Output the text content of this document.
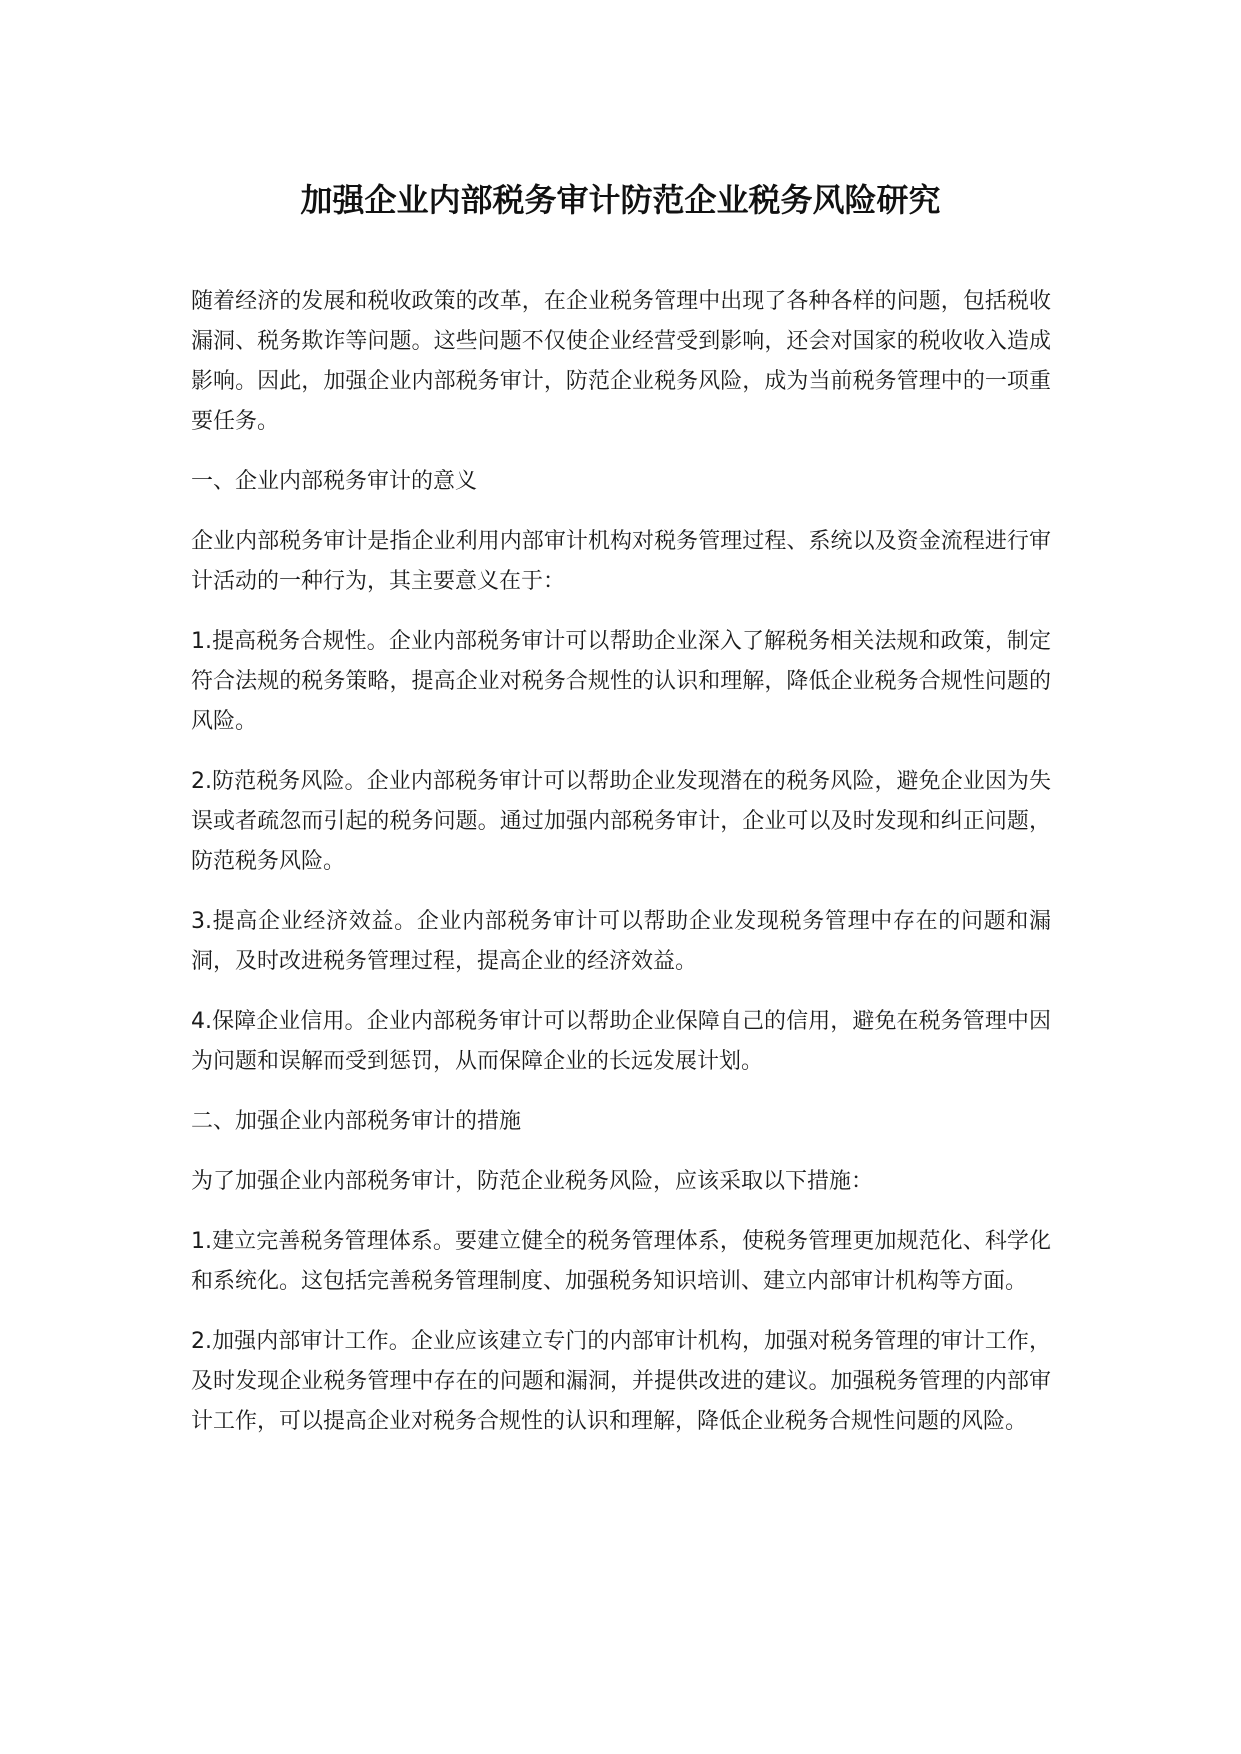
加强企业内部税务审计防范企业税务风险研究

随着经济的发展和税收政策的改革，在企业税务管理中出现了各种各样的问题，包括税收漏洞、税务欺诈等问题。这些问题不仅使企业经营受到影响，还会对国家的税收收入造成影响。因此，加强企业内部税务审计，防范企业税务风险，成为当前税务管理中的一项重要任务。

一、企业内部税务审计的意义

企业内部税务审计是指企业利用内部审计机构对税务管理过程、系统以及资金流程进行审计活动的一种行为，其主要意义在于：

1.提高税务合规性。企业内部税务审计可以帮助企业深入了解税务相关法规和政策，制定符合法规的税务策略，提高企业对税务合规性的认识和理解，降低企业税务合规性问题的风险。

2.防范税务风险。企业内部税务审计可以帮助企业发现潜在的税务风险，避免企业因为失误或者疏忽而引起的税务问题。通过加强内部税务审计，企业可以及时发现和纠正问题，防范税务风险。

3.提高企业经济效益。企业内部税务审计可以帮助企业发现税务管理中存在的问题和漏洞，及时改进税务管理过程，提高企业的经济效益。

4.保障企业信用。企业内部税务审计可以帮助企业保障自己的信用，避免在税务管理中因为问题和误解而受到惩罚，从而保障企业的长远发展计划。

二、加强企业内部税务审计的措施

为了加强企业内部税务审计，防范企业税务风险，应该采取以下措施：

1.建立完善税务管理体系。要建立健全的税务管理体系，使税务管理更加规范化、科学化和系统化。这包括完善税务管理制度、加强税务知识培训、建立内部审计机构等方面。

2.加强内部审计工作。企业应该建立专门的内部审计机构，加强对税务管理的审计工作，及时发现企业税务管理中存在的问题和漏洞，并提供改进的建议。加强税务管理的内部审计工作，可以提高企业对税务合规性的认识和理解，降低企业税务合规性问题的风险。
